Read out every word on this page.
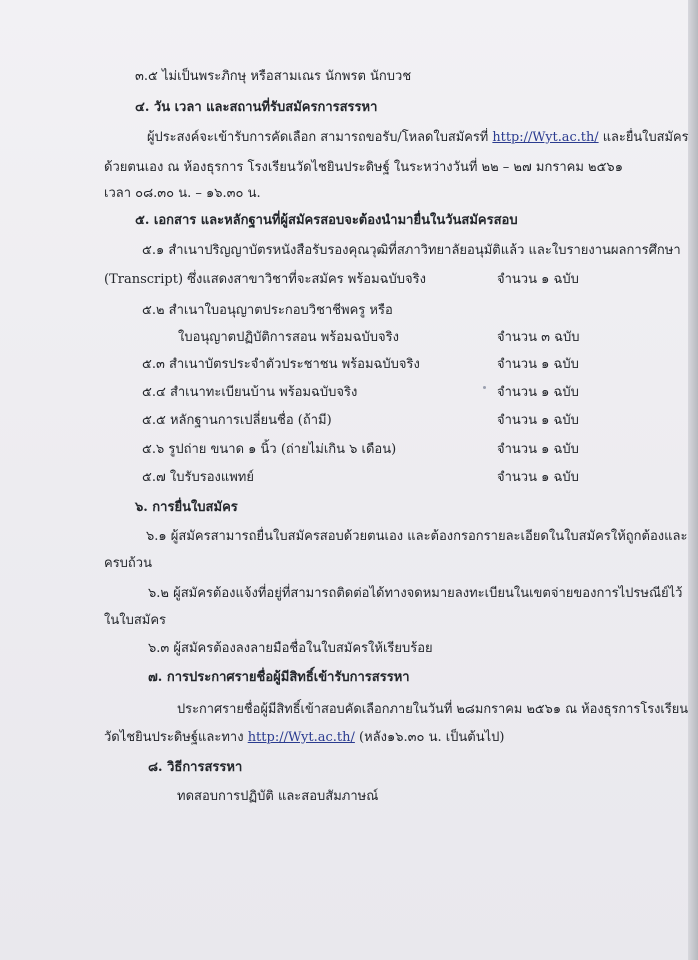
๓.๕ ไม่เป็นพระภิกษุ หรือสามเณร นักพรต นักบวช
๔. วัน เวลา และสถานที่รับสมัครการสรรหา
ผู้ประสงค์จะเข้ารับการคัดเลือก สามารถขอรับ/โหลดใบสมัครที่ http://Wyt.ac.th/ และยื่นใบสมัคร
ด้วยตนเอง ณ ห้องธุรการ โรงเรียนวัดไชยินประดิษฐ์ ในระหว่างวันที่ ๒๒ – ๒๗ มกราคม ๒๕๖๑
เวลา ๐๘.๓๐ น. – ๑๖.๓๐ น.
๕. เอกสาร และหลักฐานที่ผู้สมัครสอบจะต้องนำมายื่นในวันสมัครสอบ
๕.๑ สำเนาปริญญาบัตรหนังสือรับรองคุณวุฒิที่สภาวิทยาลัยอนุมัติแล้ว และใบรายงานผลการศึกษา
(Transcript) ซึ่งแสดงสาขาวิชาที่จะสมัคร พร้อมฉบับจริง	จำนวน ๑ ฉบับ
๕.๒ สำเนาใบอนุญาตประกอบวิชาชีพครู หรือ
ใบอนุญาตปฏิบัติการสอน พร้อมฉบับจริง	จำนวน ๓ ฉบับ
๕.๓ สำเนาบัตรประจำตัวประชาชน พร้อมฉบับจริง	จำนวน ๑ ฉบับ
๕.๔ สำเนาทะเบียนบ้าน พร้อมฉบับจริง	จำนวน ๑ ฉบับ
๕.๕ หลักฐานการเปลี่ยนชื่อ (ถ้ามี)	จำนวน ๑ ฉบับ
๕.๖ รูปถ่าย ขนาด ๑ นิ้ว (ถ่ายไม่เกิน ๖ เดือน)	จำนวน ๑ ฉบับ
๕.๗ ใบรับรองแพทย์	จำนวน ๑ ฉบับ
๖. การยื่นใบสมัคร
๖.๑ ผู้สมัครสามารถยื่นใบสมัครสอบด้วยตนเอง และต้องกรอกรายละเอียดในใบสมัครให้ถูกต้องและ
ครบถ้วน
๖.๒ ผู้สมัครต้องแจ้งที่อยู่ที่สามารถติดต่อได้ทางจดหมายลงทะเบียนในเขตจ่ายของการไปรษณีย์ไว้
ในใบสมัคร
๖.๓ ผู้สมัครต้องลงลายมือชื่อในใบสมัครให้เรียบร้อย
๗. การประกาศรายชื่อผู้มีสิทธิ์เข้ารับการสรรหา
ประกาศรายชื่อผู้มีสิทธิ์เข้าสอบคัดเลือกภายในวันที่ ๒๘มกราคม ๒๕๖๑ ณ ห้องธุรการโรงเรียน
วัดไชยินประดิษฐ์และทาง http://Wyt.ac.th/ (หลัง๑๖.๓๐ น. เป็นต้นไป)
๘. วิธีการสรรหา
ทดสอบการปฏิบัติ และสอบสัมภาษณ์
